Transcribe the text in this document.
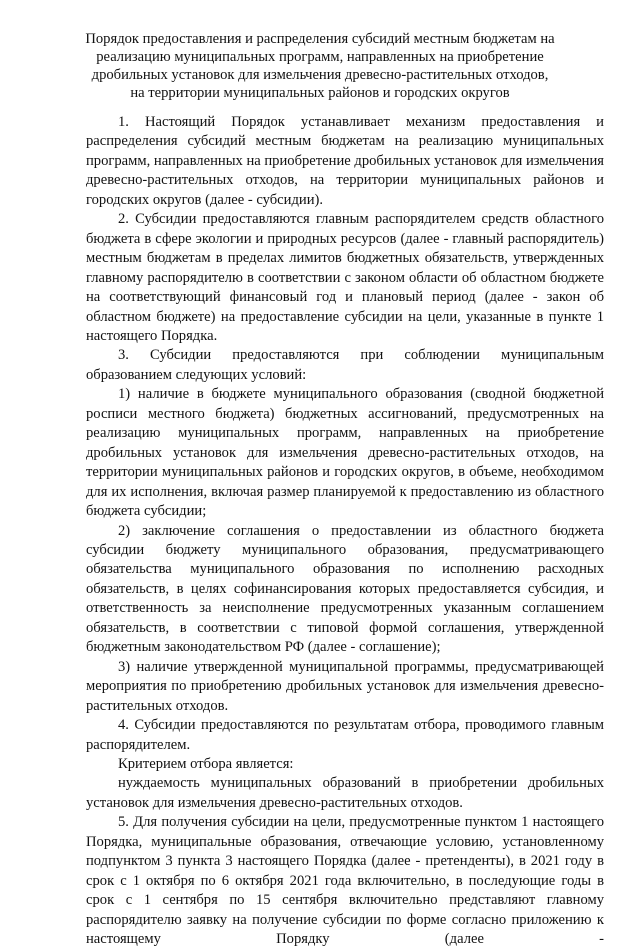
Порядок предоставления и распределения субсидий местным бюджетам на
реализацию муниципальных программ, направленных на приобретение
дробильных установок для измельчения древесно-растительных отходов,
на территории муниципальных районов и городских округов

1. Настоящий Порядок устанавливает механизм предоставления и распределения субсидий местным бюджетам на реализацию муниципальных программ, направленных на приобретение дробильных установок для измельчения древесно-растительных отходов, на территории муниципальных районов и городских округов (далее - субсидии).

2. Субсидии предоставляются главным распорядителем средств областного бюджета в сфере экологии и природных ресурсов (далее - главный распорядитель) местным бюджетам в пределах лимитов бюджетных обязательств, утвержденных главному распорядителю в соответствии с законом области об областном бюджете на соответствующий финансовый год и плановый период (далее - закон об областном бюджете) на предоставление субсидии на цели, указанные в пункте 1 настоящего Порядка.

3. Субсидии предоставляются при соблюдении муниципальным образованием следующих условий:

1) наличие в бюджете муниципального образования (сводной бюджетной росписи местного бюджета) бюджетных ассигнований, предусмотренных на реализацию муниципальных программ, направленных на приобретение дробильных установок для измельчения древесно-растительных отходов, на территории муниципальных районов и городских округов, в объеме, необходимом для их исполнения, включая размер планируемой к предоставлению из областного бюджета субсидии;

2) заключение соглашения о предоставлении из областного бюджета субсидии бюджету муниципального образования, предусматривающего обязательства муниципального образования по исполнению расходных обязательств, в целях софинансирования которых предоставляется субсидия, и ответственность за неисполнение предусмотренных указанным соглашением обязательств, в соответствии с типовой формой соглашения, утвержденной бюджетным законодательством РФ (далее - соглашение);

3) наличие утвержденной муниципальной программы, предусматривающей мероприятия по приобретению дробильных установок для измельчения древесно-растительных отходов.

4. Субсидии предоставляются по результатам отбора, проводимого главным распорядителем.

Критерием отбора является:

нуждаемость муниципальных образований в приобретении дробильных установок для измельчения древесно-растительных отходов.

5. Для получения субсидии на цели, предусмотренные пунктом 1 настоящего Порядка, муниципальные образования, отвечающие условию, установленному подпунктом 3 пункта 3 настоящего Порядка (далее - претенденты), в 2021 году в срок с 1 октября по 6 октября 2021 года включительно, в последующие годы в срок с 1 сентября по 15 сентября включительно представляют главному распорядителю заявку на получение субсидии по форме согласно приложению к настоящему Порядку (далее -
